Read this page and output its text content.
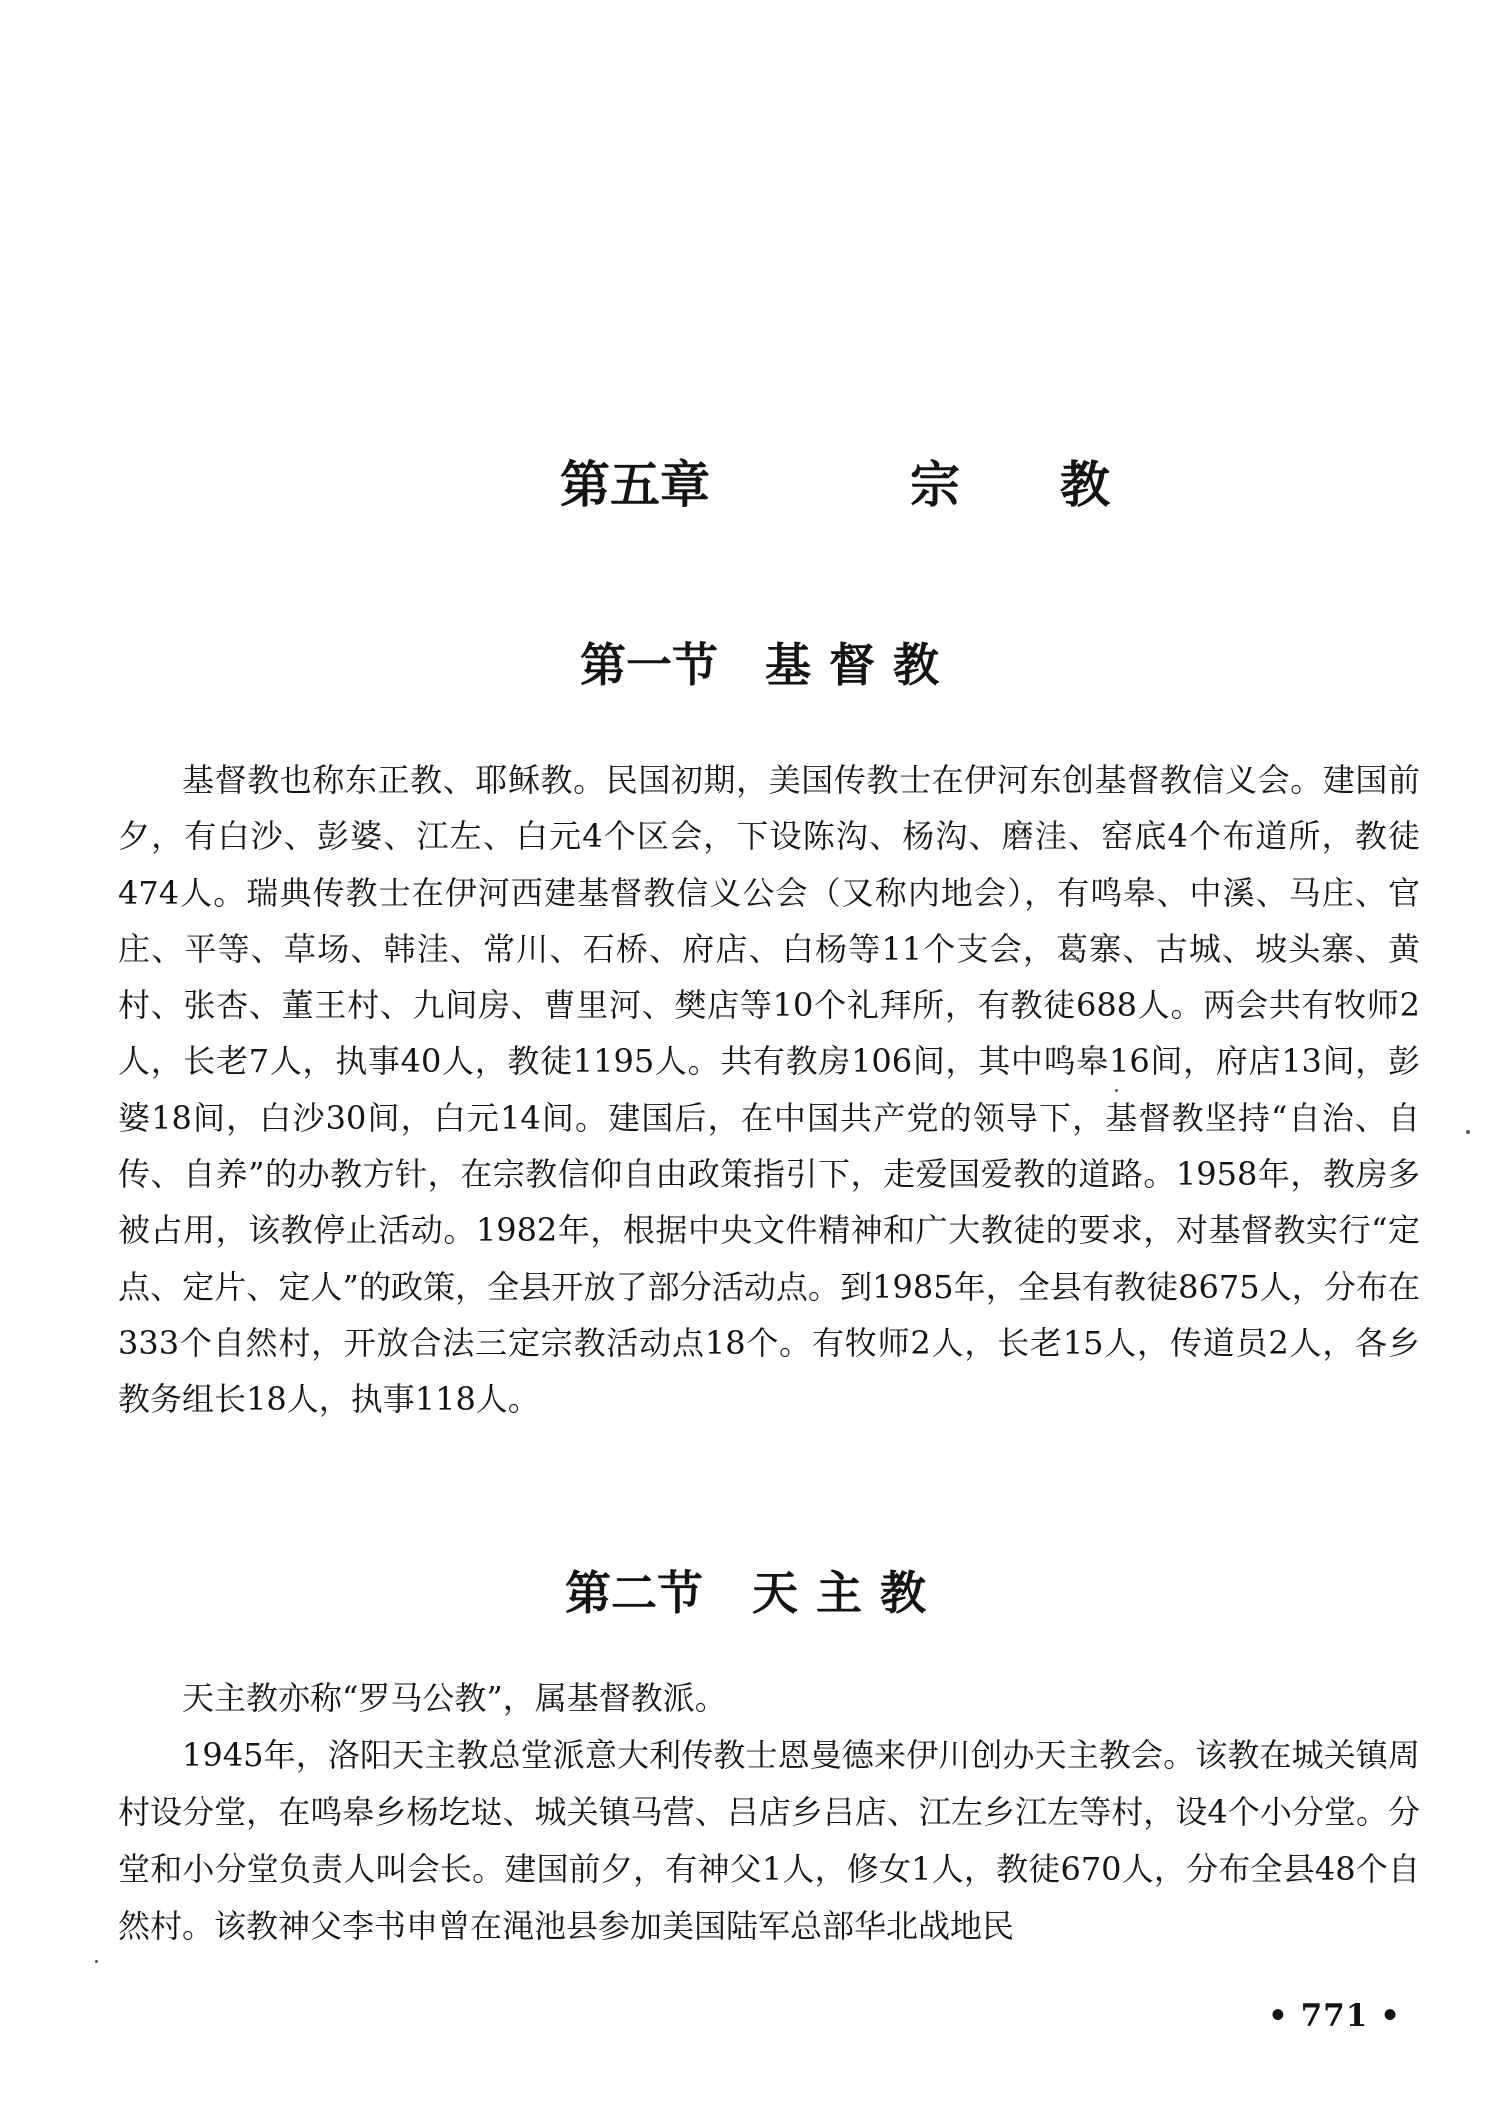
第五章	宗 教
第一节 基督教

基督教也称东正教、耶稣教。民国初期，美国传教士在伊河东创基督教信义会。建国前夕，有白沙、彭婆、江左、白元4个区会，下设陈沟、杨沟、磨洼、窑底4个布道所，教徒474人。瑞典传教士在伊河西建基督教信义公会（又称内地会），有鸣皋、中溪、马庄、官庄、平等、草场、韩洼、常川、石桥、府店、白杨等11个支会，葛寨、古城、坡头寨、黄村、张杏、董王村、九间房、曹里河、樊店等10个礼拜所，有教徒688人。两会共有牧师2人，长老7人，执事40人，教徒1195人。共有教房106间，其中鸣皋16间，府店13间，彭婆18间，白沙30间，白元14间。建国后，在中国共产党的领导下，基督教坚持“自治、自传、自养”的办教方针，在宗教信仰自由政策指引下，走爱国爱教的道路。1958年，教房多被占用，该教停止活动。1982年，根据中央文件精神和广大教徒的要求，对基督教实行“定点、定片、定人”的政策，全县开放了部分活动点。到1985年，全县有教徒8675人，分布在333个自然村，开放合法三定宗教活动点18个。有牧师2人，长老15人，传道员2人，各乡教务组长18人，执事118人。

第二节 天主教

天主教亦称“罗马公教”，属基督教派。

1945年，洛阳天主教总堂派意大利传教士恩曼德来伊川创办天主教会。该教在城关镇周村设分堂，在鸣皋乡杨圪垯、城关镇马营、吕店乡吕店、江左乡江左等村，设4个小分堂。分堂和小分堂负责人叫会长。建国前夕，有神父1人，修女1人，教徒670人，分布全县48个自然村。该教神父李书申曾在渑池县参加美国陆军总部华北战地民

• 771 •
